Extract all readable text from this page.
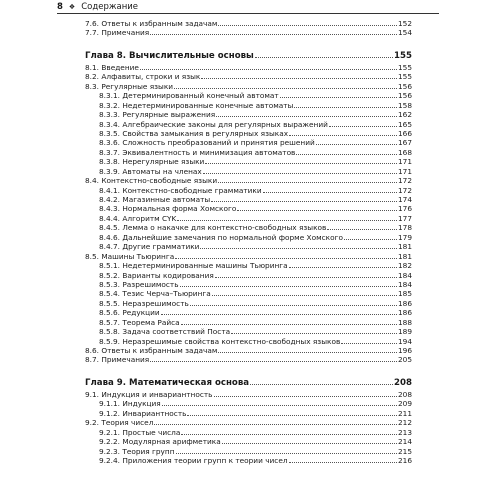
8 ❖ Содержание
7.6. Ответы к избранным задачам	152
7.7. Примечания	154
Глава 8. Вычислительные основы	155
8.1. Введение	155
8.2. Алфавиты, строки и язык	155
8.3. Регулярные языки	156
8.3.1. Детерминированный конечный автомат	156
8.3.2. Недетерминированные конечные автоматы	158
8.3.3. Регулярные выражения	162
8.3.4. Алгебраические законы для регулярных выражений	165
8.3.5. Свойства замыкания в регулярных языках	166
8.3.6. Сложность преобразований и принятия решений	167
8.3.7. Эквивалентность и минимизация автоматов	168
8.3.8. Нерегулярные языки	171
8.3.9. Автоматы на членах	171
8.4. Контекстно-свободные языки	172
8.4.1. Контекстно-свободные грамматики	172
8.4.2. Магазинные автоматы	174
8.4.3. Нормальная форма Хомского	176
8.4.4. Алгоритм CYK	177
8.4.5. Лемма о накачке для контекстно-свободных языков	178
8.4.6. Дальнейшие замечания по нормальной форме Хомского	179
8.4.7. Другие грамматики	181
8.5. Машины Тьюринга	181
8.5.1. Недетерминированные машины Тьюринга	182
8.5.2. Варианты кодирования	184
8.5.3. Разрешимость	184
8.5.4. Тезис Черча–Тьюринга	185
8.5.5. Неразрешимость	186
8.5.6. Редукции	186
8.5.7. Теорема Райса	188
8.5.8. Задача соответствий Поста	189
8.5.9. Неразрешимые свойства контекстно-свободных языков	194
8.6. Ответы к избранным задачам	196
8.7. Примечания	205
Глава 9. Математическая основа	208
9.1. Индукция и инвариантность	208
9.1.1. Индукция	209
9.1.2. Инвариантность	211
9.2. Теория чисел	212
9.2.1. Простые числа	213
9.2.2. Модулярная арифметика	214
9.2.3. Теория групп	215
9.2.4. Приложения теории групп к теории чисел	216
